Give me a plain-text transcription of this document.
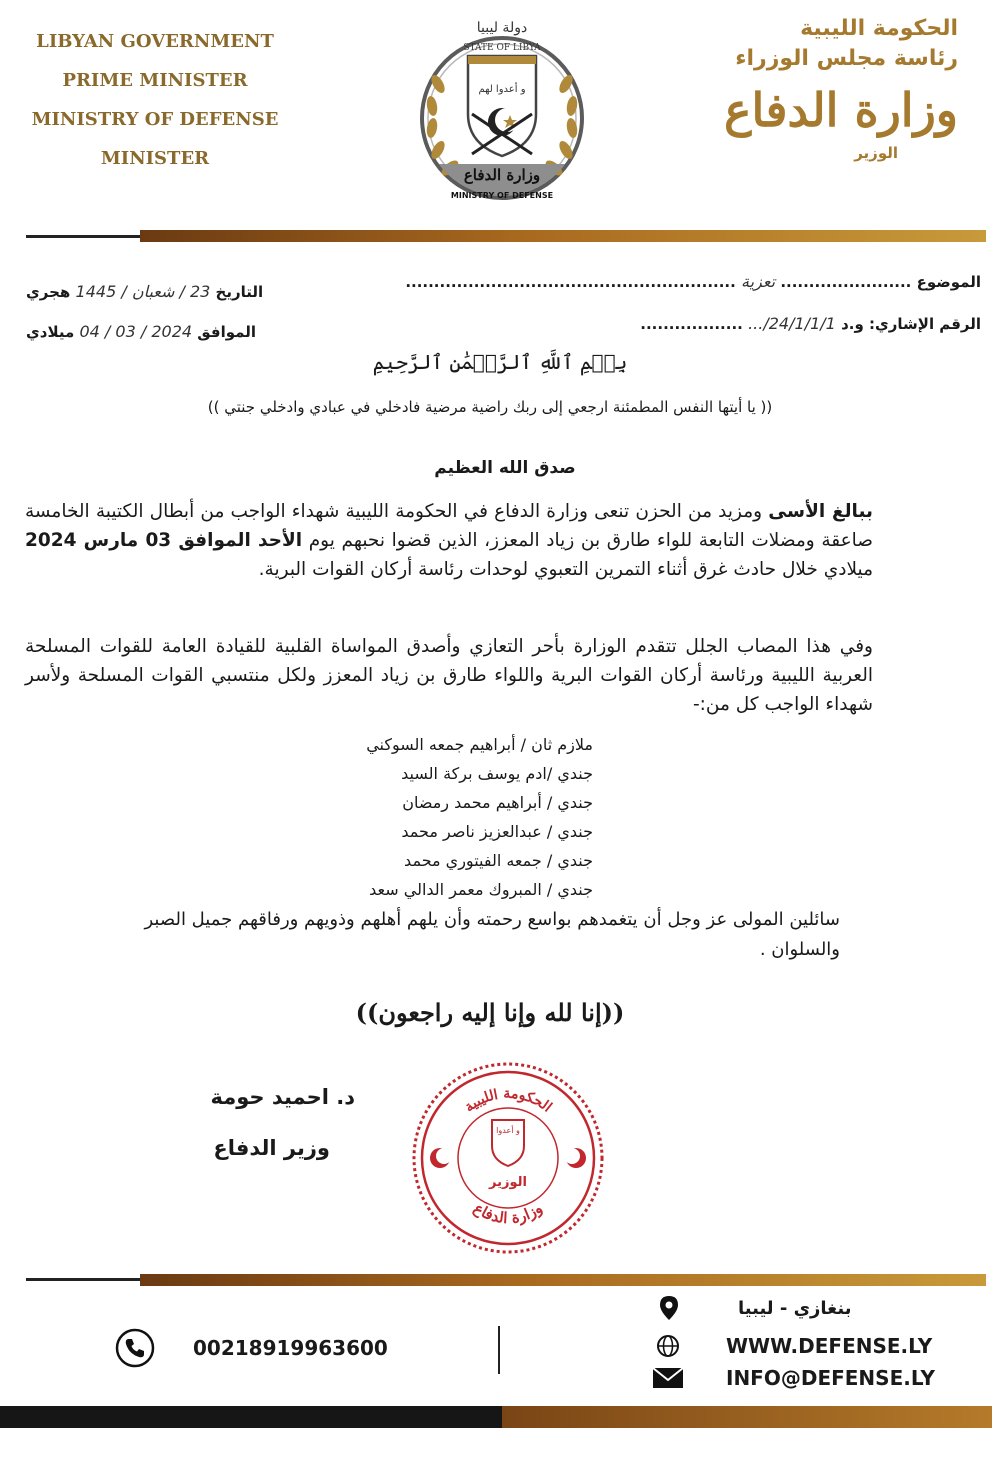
LIBYAN GOVERNMENT
PRIME MINISTER
MINISTRY OF DEFENSE
MINISTER
دولة ليبيا
STATE OF LIBYA
و أعدوا لهم
وزارة الدفاع
MINISTRY OF DEFENSE
الحكومة الليبية
رئاسة مجلس الوزراء
وزارة الدفاع
الوزير
الموضوع ....................... تعزية ..........................................................
الرقم الإشاري: و.د 24/1/1/1/... ..................
التاريخ 23 / شعبان / 1445 هجري
الموافق 2024 / 03 / 04 ميلادي
بِسۡمِ ٱللَّهِ ٱلرَّحۡمَٰنِ ٱلرَّحِيمِ
(( يا أيتها النفس المطمئنة ارجعي إلى ربك راضية مرضية فادخلي في عبادي وادخلي جنتي ))
صدق الله العظيم
ببالغ الأسى ومزيد من الحزن تنعى وزارة الدفاع في الحكومة الليبية شهداء الواجب من أبطال الكتيبة الخامسة صاعقة ومضلات التابعة للواء طارق بن زياد المعزز، الذين قضوا نحبهم يوم الأحد الموافق 03 مارس 2024 ميلادي خلال حادث غرق أثناء التمرين التعبوي لوحدات رئاسة أركان القوات البرية.
وفي هذا المصاب الجلل تتقدم الوزارة بأحر التعازي وأصدق المواساة القلبية للقيادة العامة للقوات المسلحة العربية الليبية ورئاسة أركان القوات البرية واللواء طارق بن زياد المعزز ولكل منتسبي القوات المسلحة ولأسر شهداء الواجب كل من:-
ملازم ثان / أبراهيم جمعه السوكني
جندي /ادم يوسف بركة السيد
جندي / أبراهيم محمد رمضان
جندي / عبدالعزيز ناصر محمد
جندي / جمعه الفيتوري محمد
جندي / المبروك معمر الدالي سعد
سائلين المولى عز وجل أن يتغمدهم بواسع رحمته وأن يلهم أهلهم وذويهم ورفاقهم جميل الصبر والسلوان .
((إنا لله وإنا إليه راجعون))
د. احميد حومة
وزير الدفاع
الحكومة الليبية
وزارة الدفاع
و أعدوا
الوزير
00218919963600
بنغازي - ليبيا
WWW.DEFENSE.LY
INFO@DEFENSE.LY
